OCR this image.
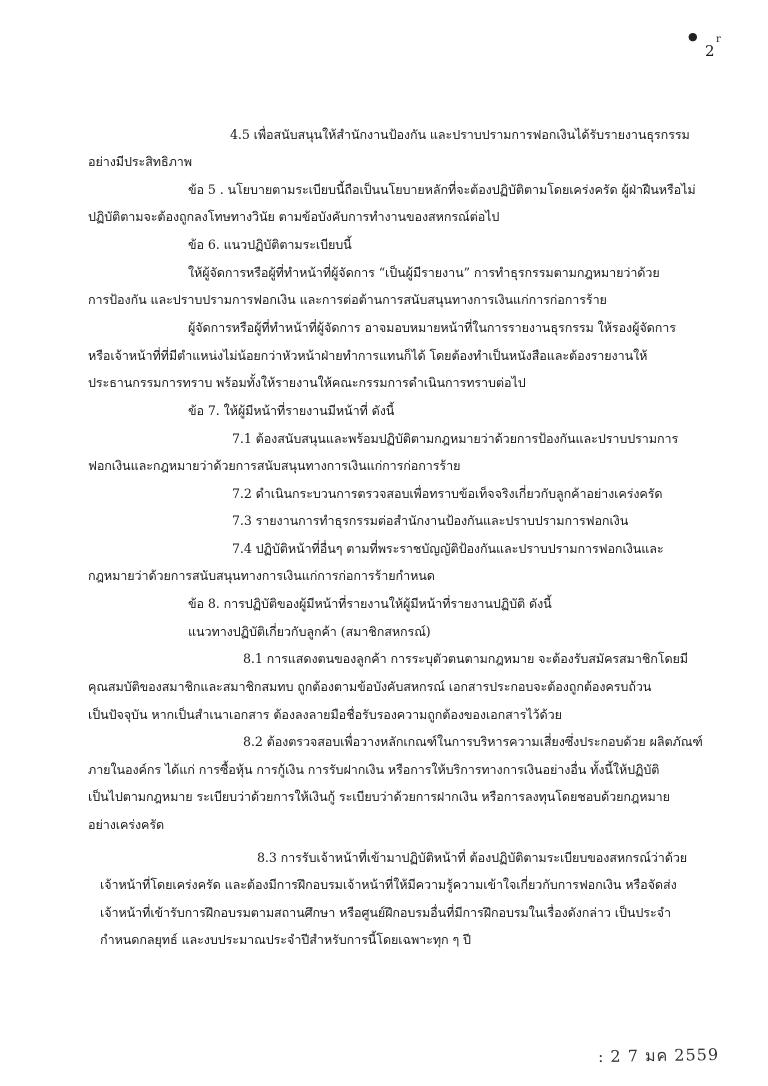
● r
2
4.5 เพื่อสนับสนุนให้สำนักงานป้องกัน และปราบปรามการฟอกเงินได้รับรายงานธุรกรรม
อย่างมีประสิทธิภาพ
ข้อ 5 . นโยบายตามระเบียบนี้ถือเป็นนโยบายหลักที่จะต้องปฏิบัติตามโดยเคร่งครัด ผู้ฝ่าฝืนหรือไม่
ปฏิบัติตามจะต้องถูกลงโทษทางวินัย ตามข้อบังคับการทำงานของสหกรณ์ต่อไป
ข้อ 6. แนวปฏิบัติตามระเบียบนี้
ให้ผู้จัดการหรือผู้ที่ทำหน้าที่ผู้จัดการ “เป็นผู้มีรายงาน” การทำธุรกรรมตามกฎหมายว่าด้วย
การป้องกัน และปราบปรามการฟอกเงิน และการต่อต้านการสนับสนุนทางการเงินแก่การก่อการร้าย
ผู้จัดการหรือผู้ที่ทำหน้าที่ผู้จัดการ อาจมอบหมายหน้าที่ในการรายงานธุรกรรม ให้รองผู้จัดการ
หรือเจ้าหน้าที่ที่มีตำแหน่งไม่น้อยกว่าหัวหน้าฝ่ายทำการแทนก็ได้ โดยต้องทำเป็นหนังสือและต้องรายงานให้
ประธานกรรมการทราบ พร้อมทั้งให้รายงานให้คณะกรรมการดำเนินการทราบต่อไป
ข้อ 7. ให้ผู้มีหน้าที่รายงานมีหน้าที่ ดังนี้
7.1 ต้องสนับสนุนและพร้อมปฏิบัติตามกฎหมายว่าด้วยการป้องกันและปราบปรามการ
ฟอกเงินและกฎหมายว่าด้วยการสนับสนุนทางการเงินแก่การก่อการร้าย
7.2 ดำเนินกระบวนการตรวจสอบเพื่อทราบข้อเท็จจริงเกี่ยวกับลูกค้าอย่างเคร่งครัด
7.3 รายงานการทำธุรกรรมต่อสำนักงานป้องกันและปราบปรามการฟอกเงิน
7.4 ปฏิบัติหน้าที่อื่นๆ ตามที่พระราชบัญญัติป้องกันและปราบปรามการฟอกเงินและ
กฎหมายว่าด้วยการสนับสนุนทางการเงินแก่การก่อการร้ายกำหนด
ข้อ 8. การปฏิบัติของผู้มีหน้าที่รายงานให้ผู้มีหน้าที่รายงานปฏิบัติ ดังนี้
แนวทางปฏิบัติเกี่ยวกับลูกค้า (สมาชิกสหกรณ์)
8.1 การแสดงตนของลูกค้า การระบุตัวตนตามกฎหมาย จะต้องรับสมัครสมาชิกโดยมี
คุณสมบัติของสมาชิกและสมาชิกสมทบ ถูกต้องตามข้อบังคับสหกรณ์ เอกสารประกอบจะต้องถูกต้องครบถ้วน
เป็นปัจจุบัน หากเป็นสำเนาเอกสาร ต้องลงลายมือชื่อรับรองความถูกต้องของเอกสารไว้ด้วย
8.2 ต้องตรวจสอบเพื่อวางหลักเกณฑ์ในการบริหารความเสี่ยงซึ่งประกอบด้วย ผลิตภัณฑ์
ภายในองค์กร ได้แก่ การซื้อหุ้น การกู้เงิน การรับฝากเงิน หรือการให้บริการทางการเงินอย่างอื่น ทั้งนี้ให้ปฏิบัติ
เป็นไปตามกฎหมาย ระเบียบว่าด้วยการให้เงินกู้ ระเบียบว่าด้วยการฝากเงิน หรือการลงทุนโดยชอบด้วยกฎหมาย
อย่างเคร่งครัด
8.3 การรับเจ้าหน้าที่เข้ามาปฏิบัติหน้าที่ ต้องปฏิบัติตามระเบียบของสหกรณ์ว่าด้วย
เจ้าหน้าที่โดยเคร่งครัด และต้องมีการฝึกอบรมเจ้าหน้าที่ให้มีความรู้ความเข้าใจเกี่ยวกับการฟอกเงิน หรือจัดส่ง
เจ้าหน้าที่เข้ารับการฝึกอบรมตามสถานศึกษา หรือศูนย์ฝึกอบรมอื่นที่มีการฝึกอบรมในเรื่องดังกล่าว เป็นประจำ
กำหนดกลยุทธ์ และงบประมาณประจำปีสำหรับการนี้โดยเฉพาะทุก ๆ ปี
: 2 7 มค 2559
